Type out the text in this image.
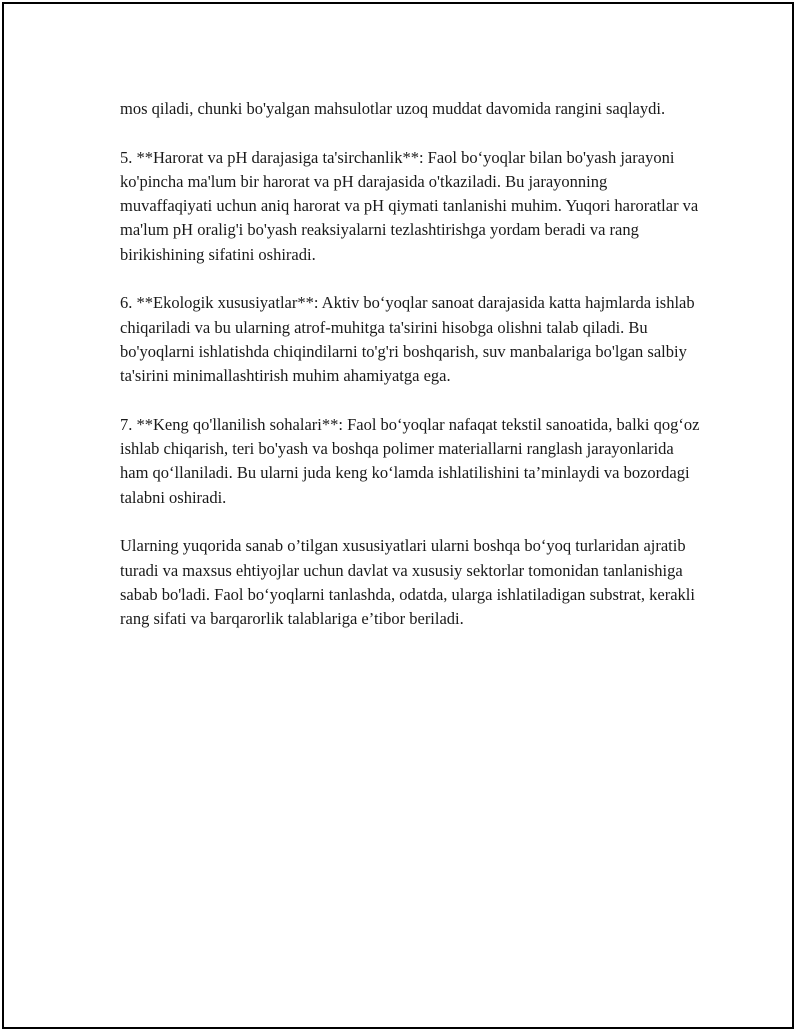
mos qiladi, chunki bo'yalgan mahsulotlar uzoq muddat davomida rangini saqlaydi.

5. **Harorat va pH darajasiga ta'sirchanlik**: Faol bo‘yoqlar bilan bo'yash jarayoni ko'pincha ma'lum bir harorat va pH darajasida o'tkaziladi. Bu jarayonning muvaffaqiyati uchun aniq harorat va pH qiymati tanlanishi muhim. Yuqori haroratlar va ma'lum pH oralig'i bo'yash reaksiyalarni tezlashtirishga yordam beradi va rang birikishining sifatini oshiradi.

6. **Ekologik xususiyatlar**: Aktiv bo‘yoqlar sanoat darajasida katta hajmlarda ishlab chiqariladi va bu ularning atrof-muhitga ta'sirini hisobga olishni talab qiladi. Bu bo'yoqlarni ishlatishda chiqindilarni to'g'ri boshqarish, suv manbalariga bo'lgan salbiy ta'sirini minimallashtirish muhim ahamiyatga ega.

7. **Keng qo'llanilish sohalari**: Faol bo‘yoqlar nafaqat tekstil sanoatida, balki qog‘oz ishlab chiqarish, teri bo'yash va boshqa polimer materiallarni ranglash jarayonlarida ham qo‘llaniladi. Bu ularni juda keng ko‘lamda ishlatilishini ta’minlaydi va bozordagi talabni oshiradi.

Ularning yuqorida sanab o’tilgan xususiyatlari ularni boshqa bo‘yoq turlaridan ajratib turadi va maxsus ehtiyojlar uchun davlat va xususiy sektorlar tomonidan tanlanishiga sabab bo'ladi. Faol bo‘yoqlarni tanlashda, odatda, ularga ishlatiladigan substrat, kerakli rang sifati va barqarorlik talablariga e’tibor beriladi.
